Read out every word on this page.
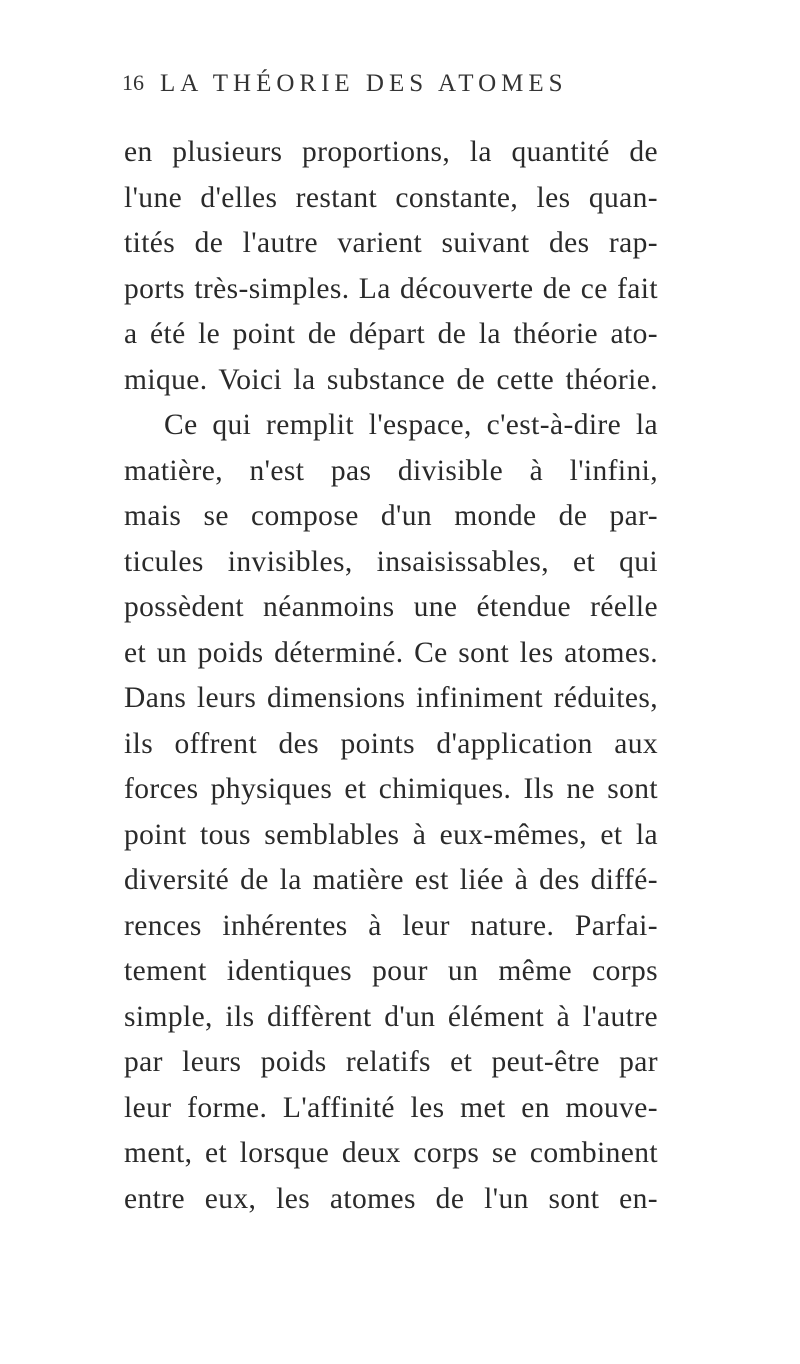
16 LA THÉORIE DES ATOMES
en plusieurs proportions, la quantité de
l'une d'elles restant constante, les quan-
tités de l'autre varient suivant des rap-
ports très-simples. La découverte de ce fait
a été le point de départ de la théorie ato-
mique. Voici la substance de cette théorie.
Ce qui remplit l'espace, c'est-à-dire la
matière, n'est pas divisible à l'infini,
mais se compose d'un monde de par-
ticules invisibles, insaisissables, et qui
possèdent néanmoins une étendue réelle
et un poids déterminé. Ce sont les atomes.
Dans leurs dimensions infiniment réduites,
ils offrent des points d'application aux
forces physiques et chimiques. Ils ne sont
point tous semblables à eux-mêmes, et la
diversité de la matière est liée à des diffé-
rences inhérentes à leur nature. Parfai-
tement identiques pour un même corps
simple, ils diffèrent d'un élément à l'autre
par leurs poids relatifs et peut-être par
leur forme. L'affinité les met en mouve-
ment, et lorsque deux corps se combinent
entre eux, les atomes de l'un sont en-
